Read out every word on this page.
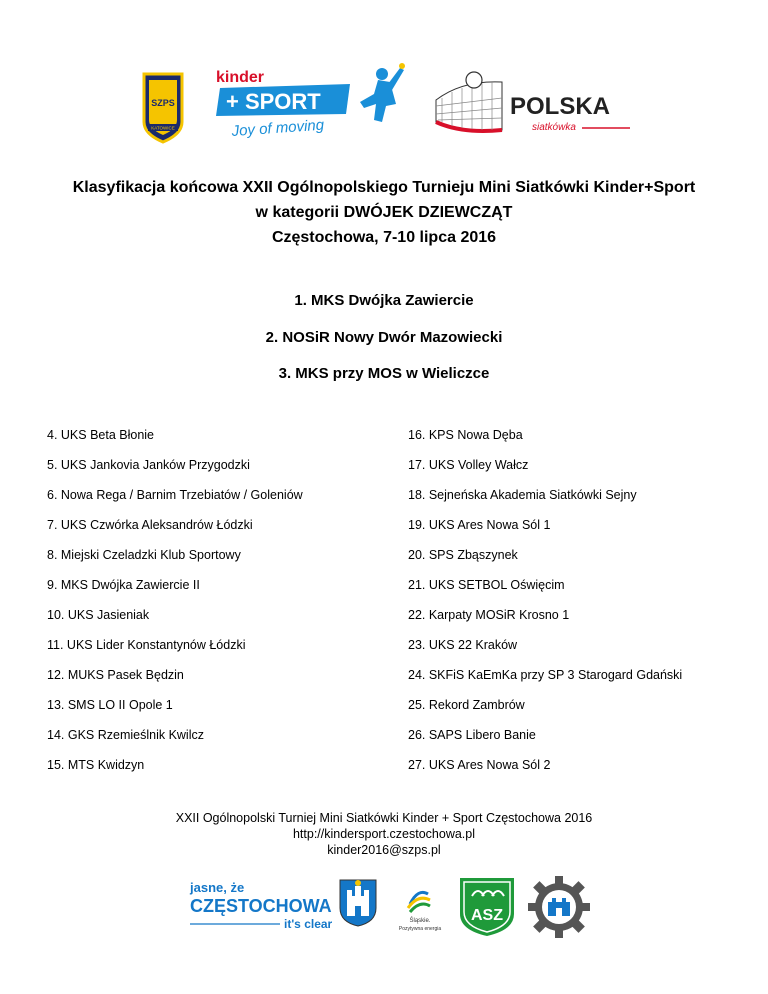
SZPS
KATOWICE
kinder
+ SPORT
Joy of moving
POLSKA
siatkówka
Klasyfikacja końcowa XXII Ogólnopolskiego Turnieju Mini Siatkówki Kinder+Sport
w kategorii DWÓJEK DZIEWCZĄT
Częstochowa, 7-10 lipca 2016
1. MKS Dwójka Zawiercie
2. NOSiR Nowy Dwór Mazowiecki
3. MKS przy MOS w Wieliczce
4. UKS Beta Błonie
5. UKS Jankovia Janków Przygodzki
6. Nowa Rega / Barnim Trzebiatów / Goleniów
7. UKS Czwórka Aleksandrów Łódzki
8. Miejski Czeladzki Klub Sportowy
9. MKS Dwójka Zawiercie II
10. UKS Jasieniak
11. UKS Lider Konstantynów Łódzki
12. MUKS Pasek Będzin
13. SMS LO II Opole 1
14. GKS Rzemieślnik Kwilcz
15. MTS Kwidzyn
16. KPS Nowa Dęba
17. UKS Volley Wałcz
18. Sejneńska Akademia Siatkówki Sejny
19. UKS Ares Nowa Sól 1
20. SPS Zbąszynek
21. UKS SETBOL Oświęcim
22. Karpaty MOSiR Krosno 1
23. UKS 22 Kraków
24. SKFiS KaEmKa przy SP 3 Starogard Gdański
25. Rekord Zambrów
26. SAPS Libero Banie
27. UKS Ares Nowa Sól 2
XXII Ogólnopolski Turniej Mini Siatkówki Kinder + Sport Częstochowa 2016
http://kindersport.czestochowa.pl
kinder2016@szps.pl
jasne, że
CZĘSTOCHOWA
it's clear	Śląskie.
Pozytywna energia
ASZ
